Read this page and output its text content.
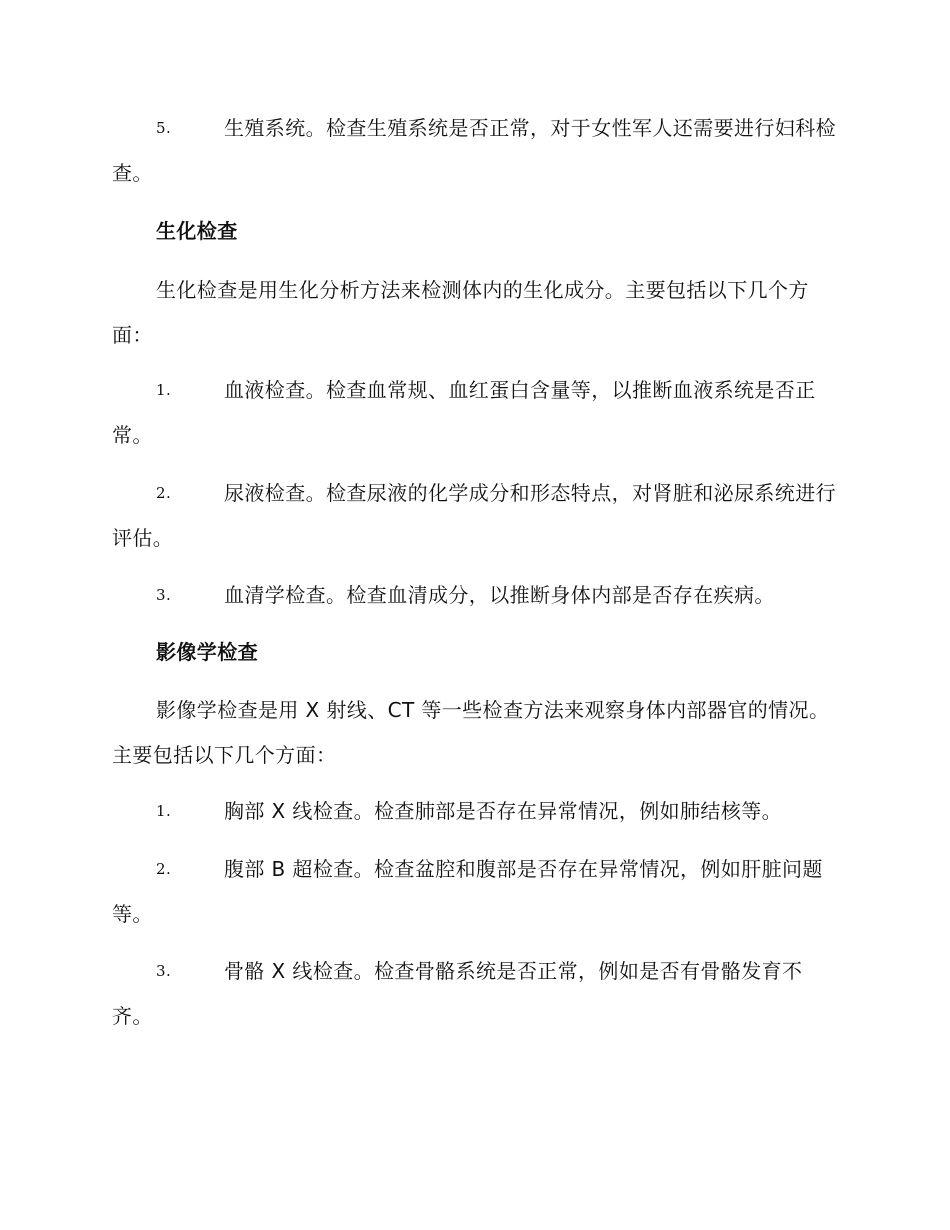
5.	生殖系统。检查生殖系统是否正常，对于女性军人还需要进行妇科检查。
生化检查
生化检查是用生化分析方法来检测体内的生化成分。主要包括以下几个方面：
1.	血液检查。检查血常规、血红蛋白含量等，以推断血液系统是否正常。
2.	尿液检查。检查尿液的化学成分和形态特点，对肾脏和泌尿系统进行评估。
3.	血清学检查。检查血清成分，以推断身体内部是否存在疾病。
影像学检查
影像学检查是用 X 射线、CT 等一些检查方法来观察身体内部器官的情况。主要包括以下几个方面：
1.	胸部 X 线检查。检查肺部是否存在异常情况，例如肺结核等。
2.	腹部 B 超检查。检查盆腔和腹部是否存在异常情况，例如肝脏问题等。
3.	骨骼 X 线检查。检查骨骼系统是否正常，例如是否有骨骼发育不齐。
